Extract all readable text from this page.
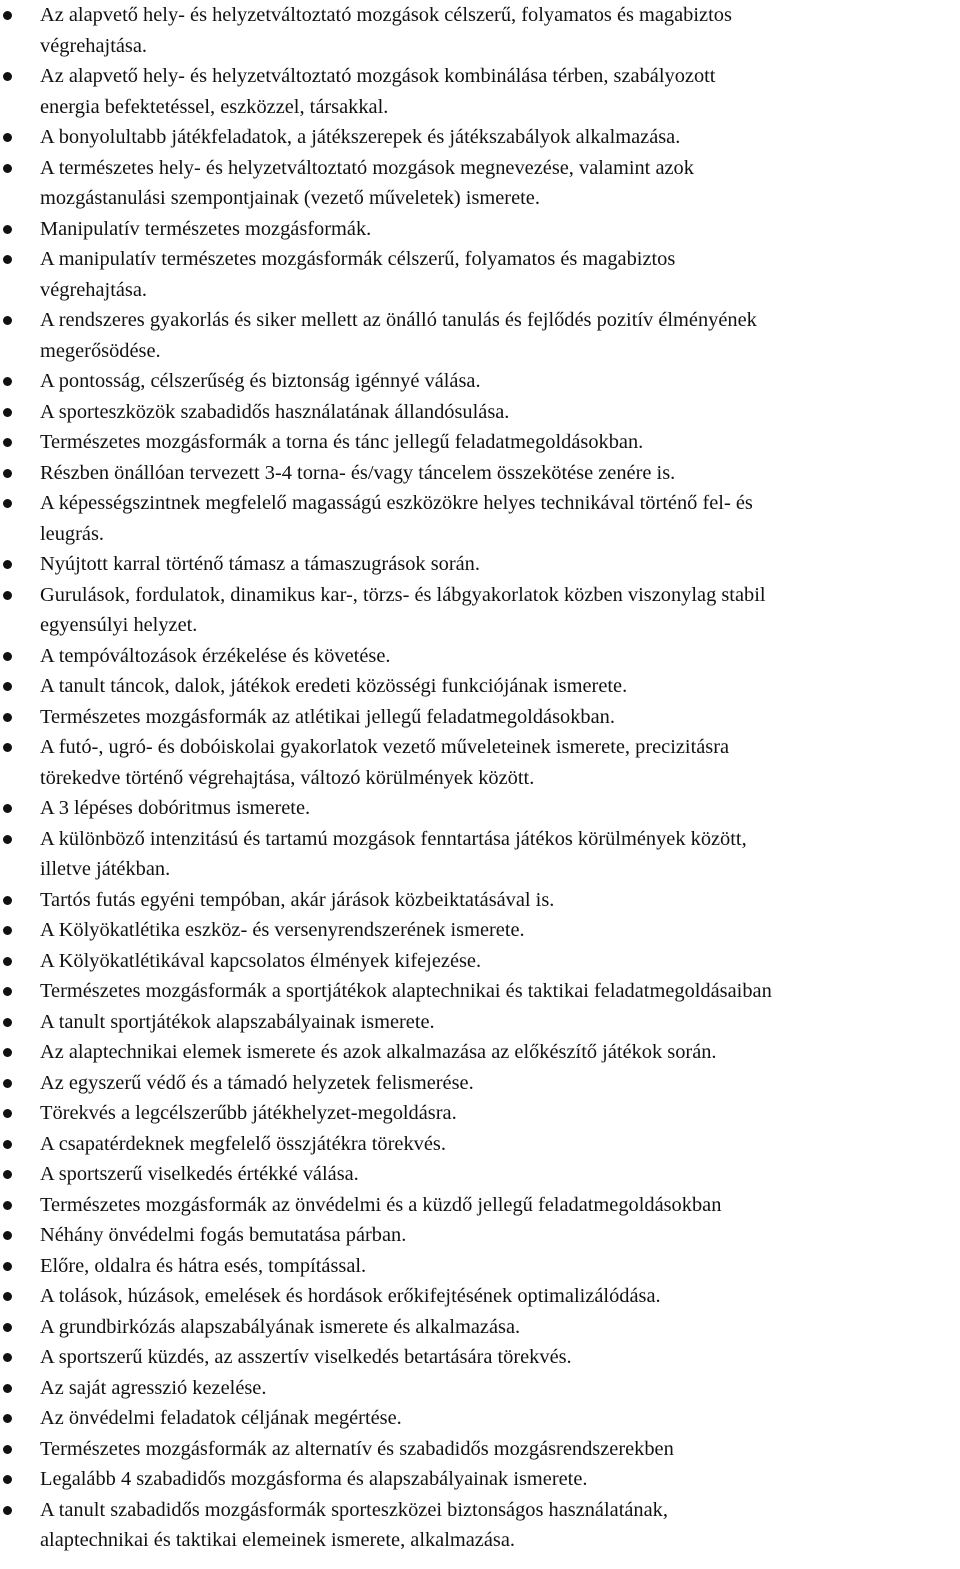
Az alapvető hely- és helyzetváltoztató mozgások célszerű, folyamatos és magabiztos
végrehajtása.
Az alapvető hely- és helyzetváltoztató mozgások kombinálása térben, szabályozott
energia befektetéssel, eszközzel, társakkal.
A bonyolultabb játékfeladatok, a játékszerepek és játékszabályok alkalmazása.
A természetes hely- és helyzetváltoztató mozgások megnevezése, valamint azok
mozgástanulási szempontjainak (vezető műveletek) ismerete.
Manipulatív természetes mozgásformák.
A manipulatív természetes mozgásformák célszerű, folyamatos és magabiztos
végrehajtása.
A rendszeres gyakorlás és siker mellett az önálló tanulás és fejlődés pozitív élményének
megerősödése.
A pontosság, célszerűség és biztonság igénnyé válása.
A sporteszközök szabadidős használatának állandósulása.
Természetes mozgásformák a torna és tánc jellegű feladatmegoldásokban.
Részben önállóan tervezett 3-4 torna- és/vagy táncelem összekötése zenére is.
A képességszintnek megfelelő magasságú eszközökre helyes technikával történő fel- és
leugrás.
Nyújtott karral történő támasz a támaszugrások során.
Gurulások, fordulatok, dinamikus kar-, törzs- és lábgyakorlatok közben viszonylag stabil
egyensúlyi helyzet.
A tempóváltozások érzékelése és követése.
A tanult táncok, dalok, játékok eredeti közösségi funkciójának ismerete.
Természetes mozgásformák az atlétikai jellegű feladatmegoldásokban.
A futó-, ugró- és dobóiskolai gyakorlatok vezető műveleteinek ismerete, precizitásra
törekedve történő végrehajtása, változó körülmények között.
A 3 lépéses dobóritmus ismerete.
A különböző intenzitású és tartamú mozgások fenntartása játékos körülmények között,
illetve játékban.
Tartós futás egyéni tempóban, akár járások közbeiktatásával is.
A Kölyökatlétika eszköz- és versenyrendszerének ismerete.
A Kölyökatlétikával kapcsolatos élmények kifejezése.
Természetes mozgásformák a sportjátékok alaptechnikai és taktikai feladatmegoldásaiban
A tanult sportjátékok alapszabályainak ismerete.
Az alaptechnikai elemek ismerete és azok alkalmazása az előkészítő játékok során.
Az egyszerű védő és a támadó helyzetek felismerése.
Törekvés a legcélszerűbb játékhelyzet-megoldásra.
A csapatérdeknek megfelelő összjátékra törekvés.
A sportszerű viselkedés értékké válása.
Természetes mozgásformák az önvédelmi és a küzdő jellegű feladatmegoldásokban
Néhány önvédelmi fogás bemutatása párban.
Előre, oldalra és hátra esés, tompítással.
A tolások, húzások, emelések és hordások erőkifejtésének optimalizálódása.
A grundbirkózás alapszabályának ismerete és alkalmazása.
A sportszerű küzdés, az asszertív viselkedés betartására törekvés.
Az saját agresszió kezelése.
Az önvédelmi feladatok céljának megértése.
Természetes mozgásformák az alternatív és szabadidős mozgásrendszerekben
Legalább 4 szabadidős mozgásforma és alapszabályainak ismerete.
A tanult szabadidős mozgásformák sporteszközei biztonságos használatának,
alaptechnikai és taktikai elemeinek ismerete, alkalmazása.
